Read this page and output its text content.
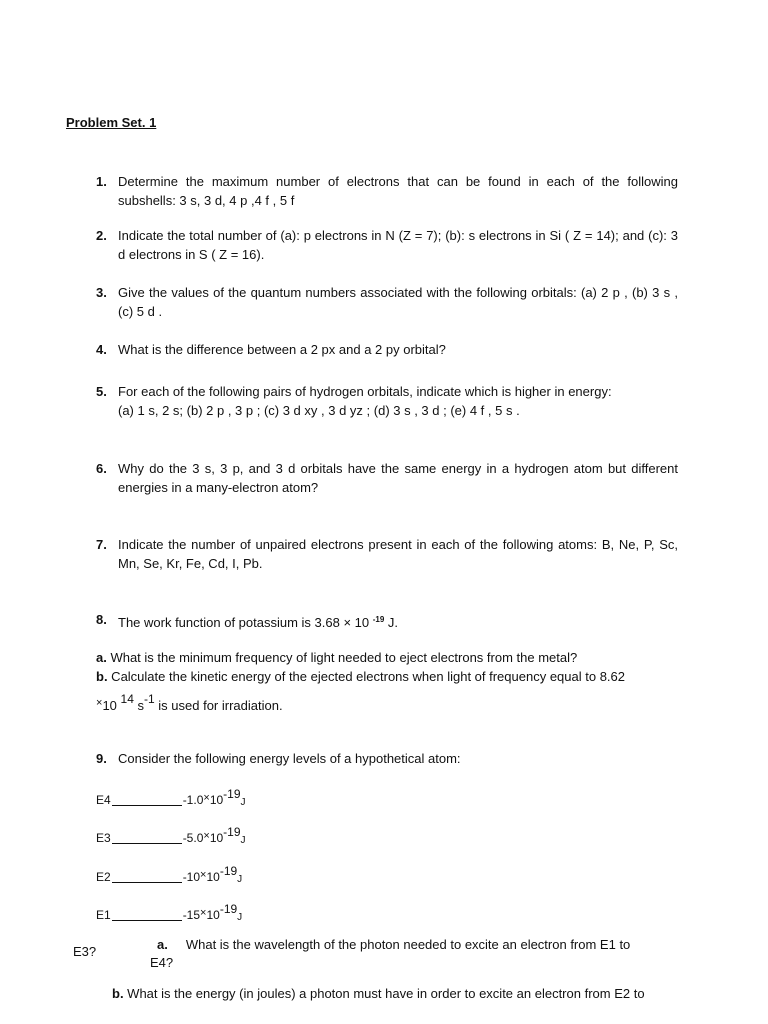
Problem Set. 1
1. Determine the maximum number of electrons that can be found in each of the following subshells: 3 s, 3 d, 4 p ,4 f , 5 f
2. Indicate the total number of (a): p electrons in N (Z = 7); (b): s electrons in Si ( Z = 14); and (c): 3 d electrons in S ( Z = 16).
3. Give the values of the quantum numbers associated with the following orbitals: (a) 2 p , (b) 3 s , (c) 5 d .
4. What is the difference between a 2 px and a 2 py orbital?
5. For each of the following pairs of hydrogen orbitals, indicate which is higher in energy:
(a) 1 s, 2 s; (b) 2 p , 3 p ; (c) 3 d xy , 3 d yz ; (d) 3 s , 3 d ; (e) 4 f , 5 s .
6. Why do the 3 s, 3 p, and 3 d orbitals have the same energy in a hydrogen atom but different energies in a many-electron atom?
7. Indicate the number of unpaired electrons present in each of the following atoms: B, Ne, P, Sc, Mn, Se, Kr, Fe, Cd, I, Pb.
8. The work function of potassium is 3.68 × 10 $^{-19}$ J.
a. What is the minimum frequency of light needed to eject electrons from the metal?
b. Calculate the kinetic energy of the ejected electrons when light of frequency equal to 8.62
×10 14 s-1 is used for irradiation.
9. Consider the following energy levels of a hypothetical atom:
E4	-1.0×10-19J
E3	-5.0×10-19J
E2	-10×10-19J
E1	-15×10-19J
a. What is the wavelength of the photon needed to excite an electron from E1 to
E4?
E3?
b. What is the energy (in joules) a photon must have in order to excite an electron from E2 to
